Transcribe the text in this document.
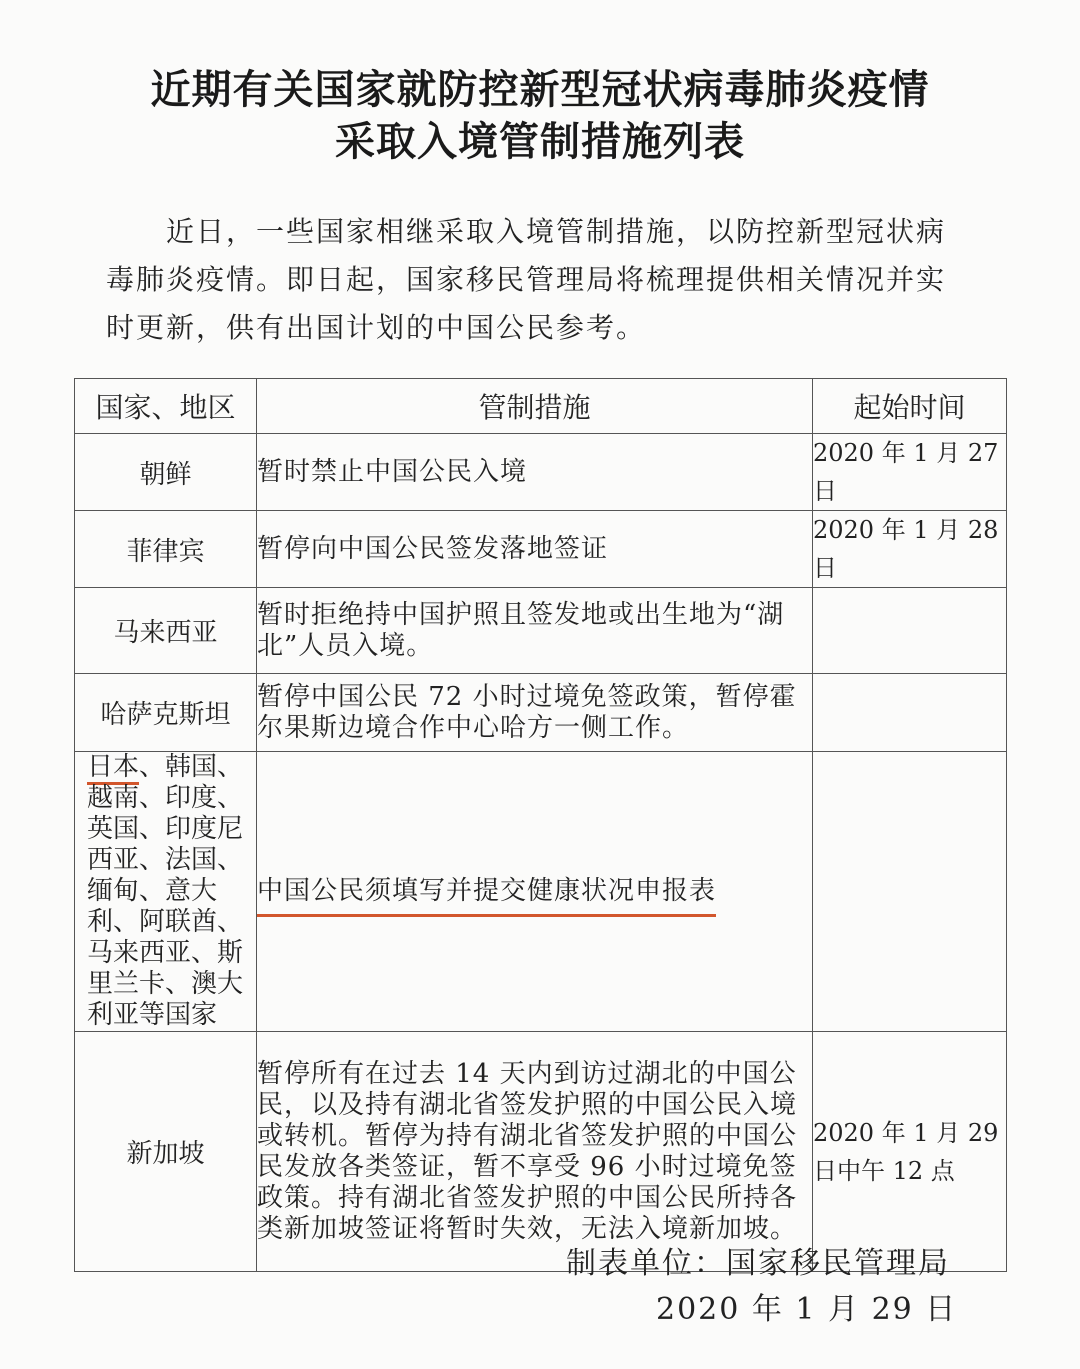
近期有关国家就防控新型冠状病毒肺炎疫情
采取入境管制措施列表
近日，一些国家相继采取入境管制措施，以防控新型冠状病毒肺炎疫情。即日起，国家移民管理局将梳理提供相关情况并实时更新，供有出国计划的中国公民参考。
国家、地区	管制措施	起始时间
朝鲜	暂时禁止中国公民入境	2020 年 1 月 27 日
菲律宾	暂停向中国公民签发落地签证	2020 年 1 月 28 日
马来西亚	暂时拒绝持中国护照且签发地或出生地为“湖北”人员入境。	
哈萨克斯坦	暂停中国公民 72 小时过境免签政策，暂停霍尔果斯边境合作中心哈方一侧工作。	
日本、韩国、越南、印度、英国、印度尼西亚、法国、缅甸、意大利、阿联酋、马来西亚、斯里兰卡、澳大利亚等国家	中国公民须填写并提交健康状况申报表	
新加坡	暂停所有在过去 14 天内到访过湖北的中国公民，以及持有湖北省签发护照的中国公民入境或转机。暂停为持有湖北省签发护照的中国公民发放各类签证，暂不享受 96 小时过境免签政策。持有湖北省签发护照的中国公民所持各类新加坡签证将暂时失效，无法入境新加坡。	2020 年 1 月 29 日中午 12 点
制表单位：国家移民管理局
2020 年 1 月 29 日
